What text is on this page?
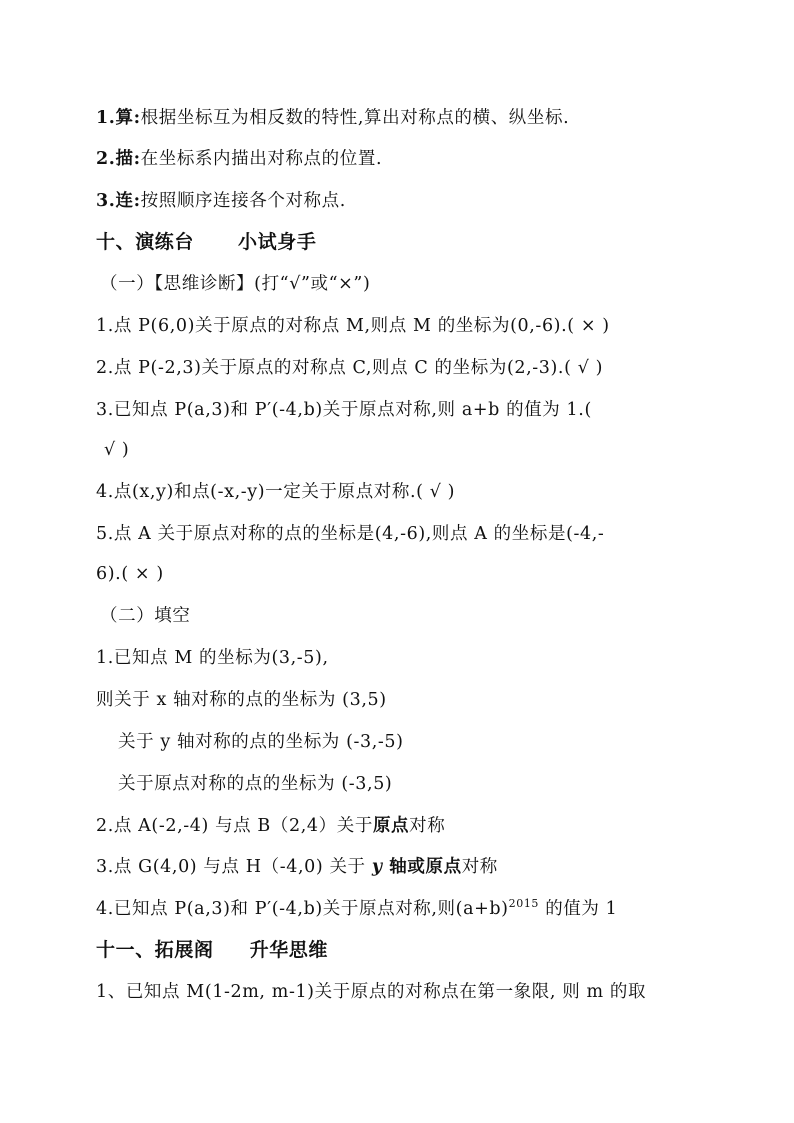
1.算:根据坐标互为相反数的特性,算出对称点的横、纵坐标.
2.描:在坐标系内描出对称点的位置.
3.连:按照顺序连接各个对称点.
十、演练台 小试身手
（一）【思维诊断】(打“√”或“×”)
1.点 P(6,0)关于原点的对称点 M,则点 M 的坐标为(0,-6).( × )
2.点 P(-2,3)关于原点的对称点 C,则点 C 的坐标为(2,-3).( √ )
3.已知点 P(a,3)和 P′(-4,b)关于原点对称,则 a+b 的值为 1.(
√ )
4.点(x,y)和点(-x,-y)一定关于原点对称.( √ )
5.点 A 关于原点对称的点的坐标是(4,-6),则点 A 的坐标是(-4,-
6).( × )
（二）填空
1.已知点 M 的坐标为(3,-5),
则关于 x 轴对称的点的坐标为 (3,5)
关于 y 轴对称的点的坐标为 (-3,-5)
关于原点对称的点的坐标为 (-3,5)
2.点 A(-2,-4) 与点 B（2,4）关于原点对称
3.点 G(4,0) 与点 H（-4,0) 关于 y 轴或原点对称
4.已知点 P(a,3)和 P′(-4,b)关于原点对称,则$(a+b)^{2015}$ 的值为 1
十一、拓展阁 升华思维
1、已知点 M(1-2m, m-1)关于原点的对称点在第一象限, 则 m 的取
